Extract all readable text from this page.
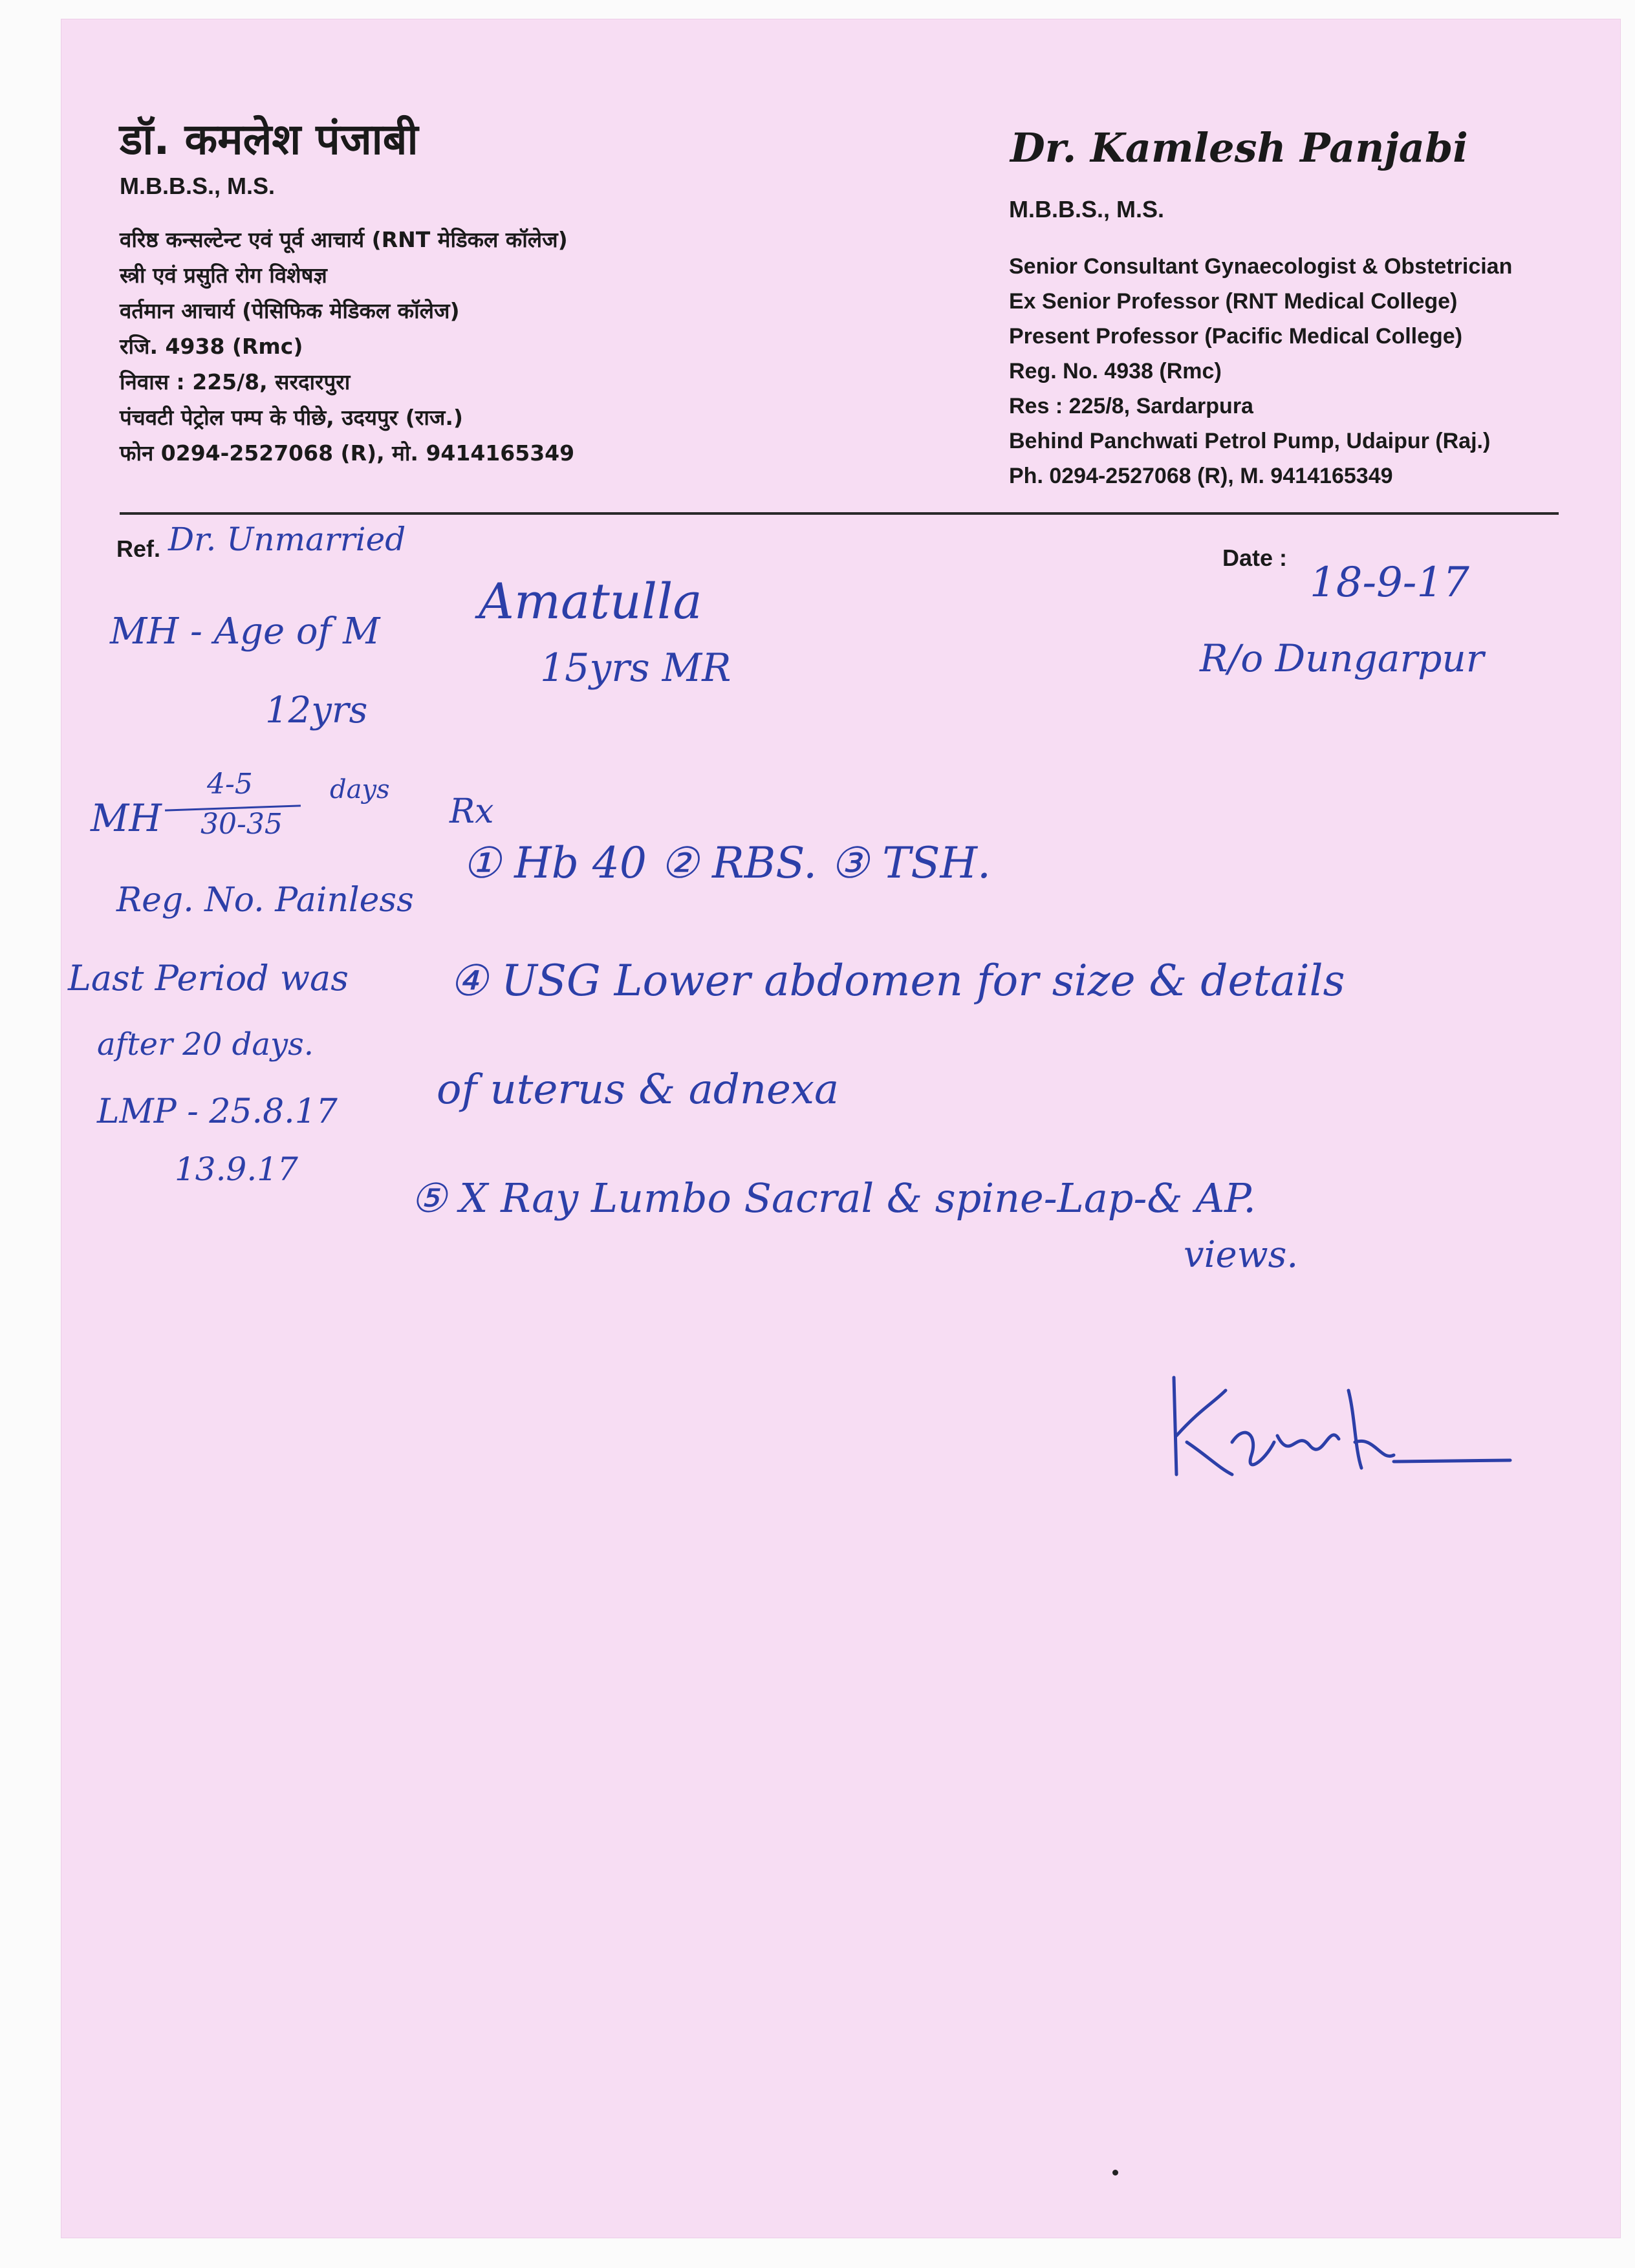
डॉ. कमलेश पंजाबी
M.B.B.S., M.S.
वरिष्ठ कन्सल्टेन्ट एवं पूर्व आचार्य (RNT मेडिकल कॉलेज)
स्त्री एवं प्रसुति रोग विशेषज्ञ
वर्तमान आचार्य (पेसिफिक मेडिकल कॉलेज)
रजि. 4938 (Rmc)
निवास : 225/8, सरदारपुरा
पंचवटी पेट्रोल पम्प के पीछे, उदयपुर (राज.)
फोन 0294-2527068 (R), मो. 9414165349
Dr. Kamlesh Panjabi
M.B.B.S., M.S.
Senior Consultant Gynaecologist & Obstetrician
Ex Senior Professor (RNT Medical College)
Present Professor (Pacific Medical College)
Reg. No. 4938 (Rmc)
Res : 225/8, Sardarpura
Behind Panchwati Petrol Pump, Udaipur (Raj.)
Ph. 0294-2527068 (R), M. 9414165349
Ref.	Date :
Dr. Unmarried
18-9-17
Amatulla
15yrs MR	R/o Dungarpur
MH - Age of M
12yrs
MH
4-5
30-35
days
Reg. No. Painless
Last Period was
after 20 days.
LMP - 25.8.17
13.9.17
Rx
① Hb 40 ② RBS. ③ TSH.
④ USG Lower abdomen for size & details
of uterus & adnexa
⑤ X Ray Lumbo Sacral & spine-Lap-& AP.
views.
